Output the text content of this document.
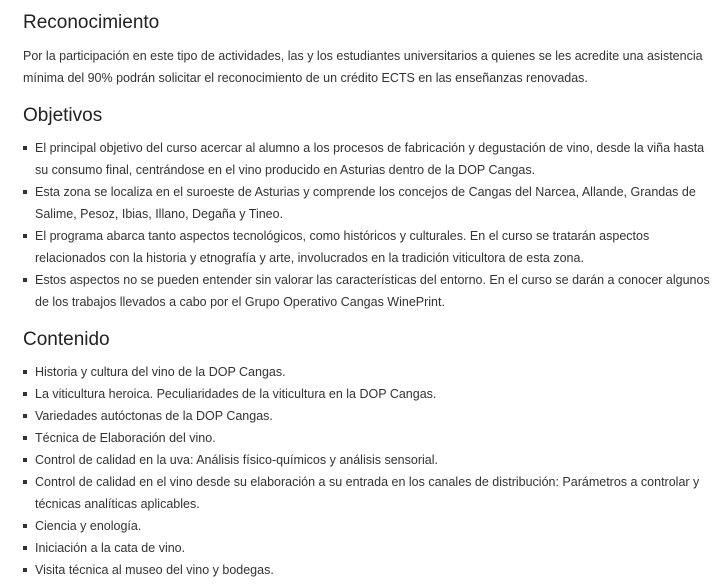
Reconocimiento

Por la participación en este tipo de actividades, las y los estudiantes universitarios a quienes se les acredite una asistencia mínima del 90% podrán solicitar el reconocimiento de un crédito ECTS en las enseñanzas renovadas.

Objetivos
El principal objetivo del curso acercar al alumno a los procesos de fabricación y degustación de vino, desde la viña hasta su consumo final, centrándose en el vino producido en Asturias dentro de la DOP Cangas.
Esta zona se localiza en el suroeste de Asturias y comprende los concejos de Cangas del Narcea, Allande, Grandas de Salime, Pesoz, Ibias, Illano, Degaña y Tineo.
El programa abarca tanto aspectos tecnológicos, como históricos y culturales. En el curso se tratarán aspectos relacionados con la historia y etnografía y arte, involucrados en la tradición viticultora de esta zona.
Estos aspectos no se pueden entender sin valorar las características del entorno. En el curso se darán a conocer algunos de los trabajos llevados a cabo por el Grupo Operativo Cangas WinePrint.
Contenido
Historia y cultura del vino de la DOP Cangas.
La viticultura heroica. Peculiaridades de la viticultura en la DOP Cangas.
Variedades autóctonas de la DOP Cangas.
Técnica de Elaboración del vino.
Control de calidad en la uva: Análisis físico-químicos y análisis sensorial.
Control de calidad en el vino desde su elaboración a su entrada en los canales de distribución: Parámetros a controlar y técnicas analíticas aplicables.
Ciencia y enología.
Iniciación a la cata de vino.
Visita técnica al museo del vino y bodegas.
